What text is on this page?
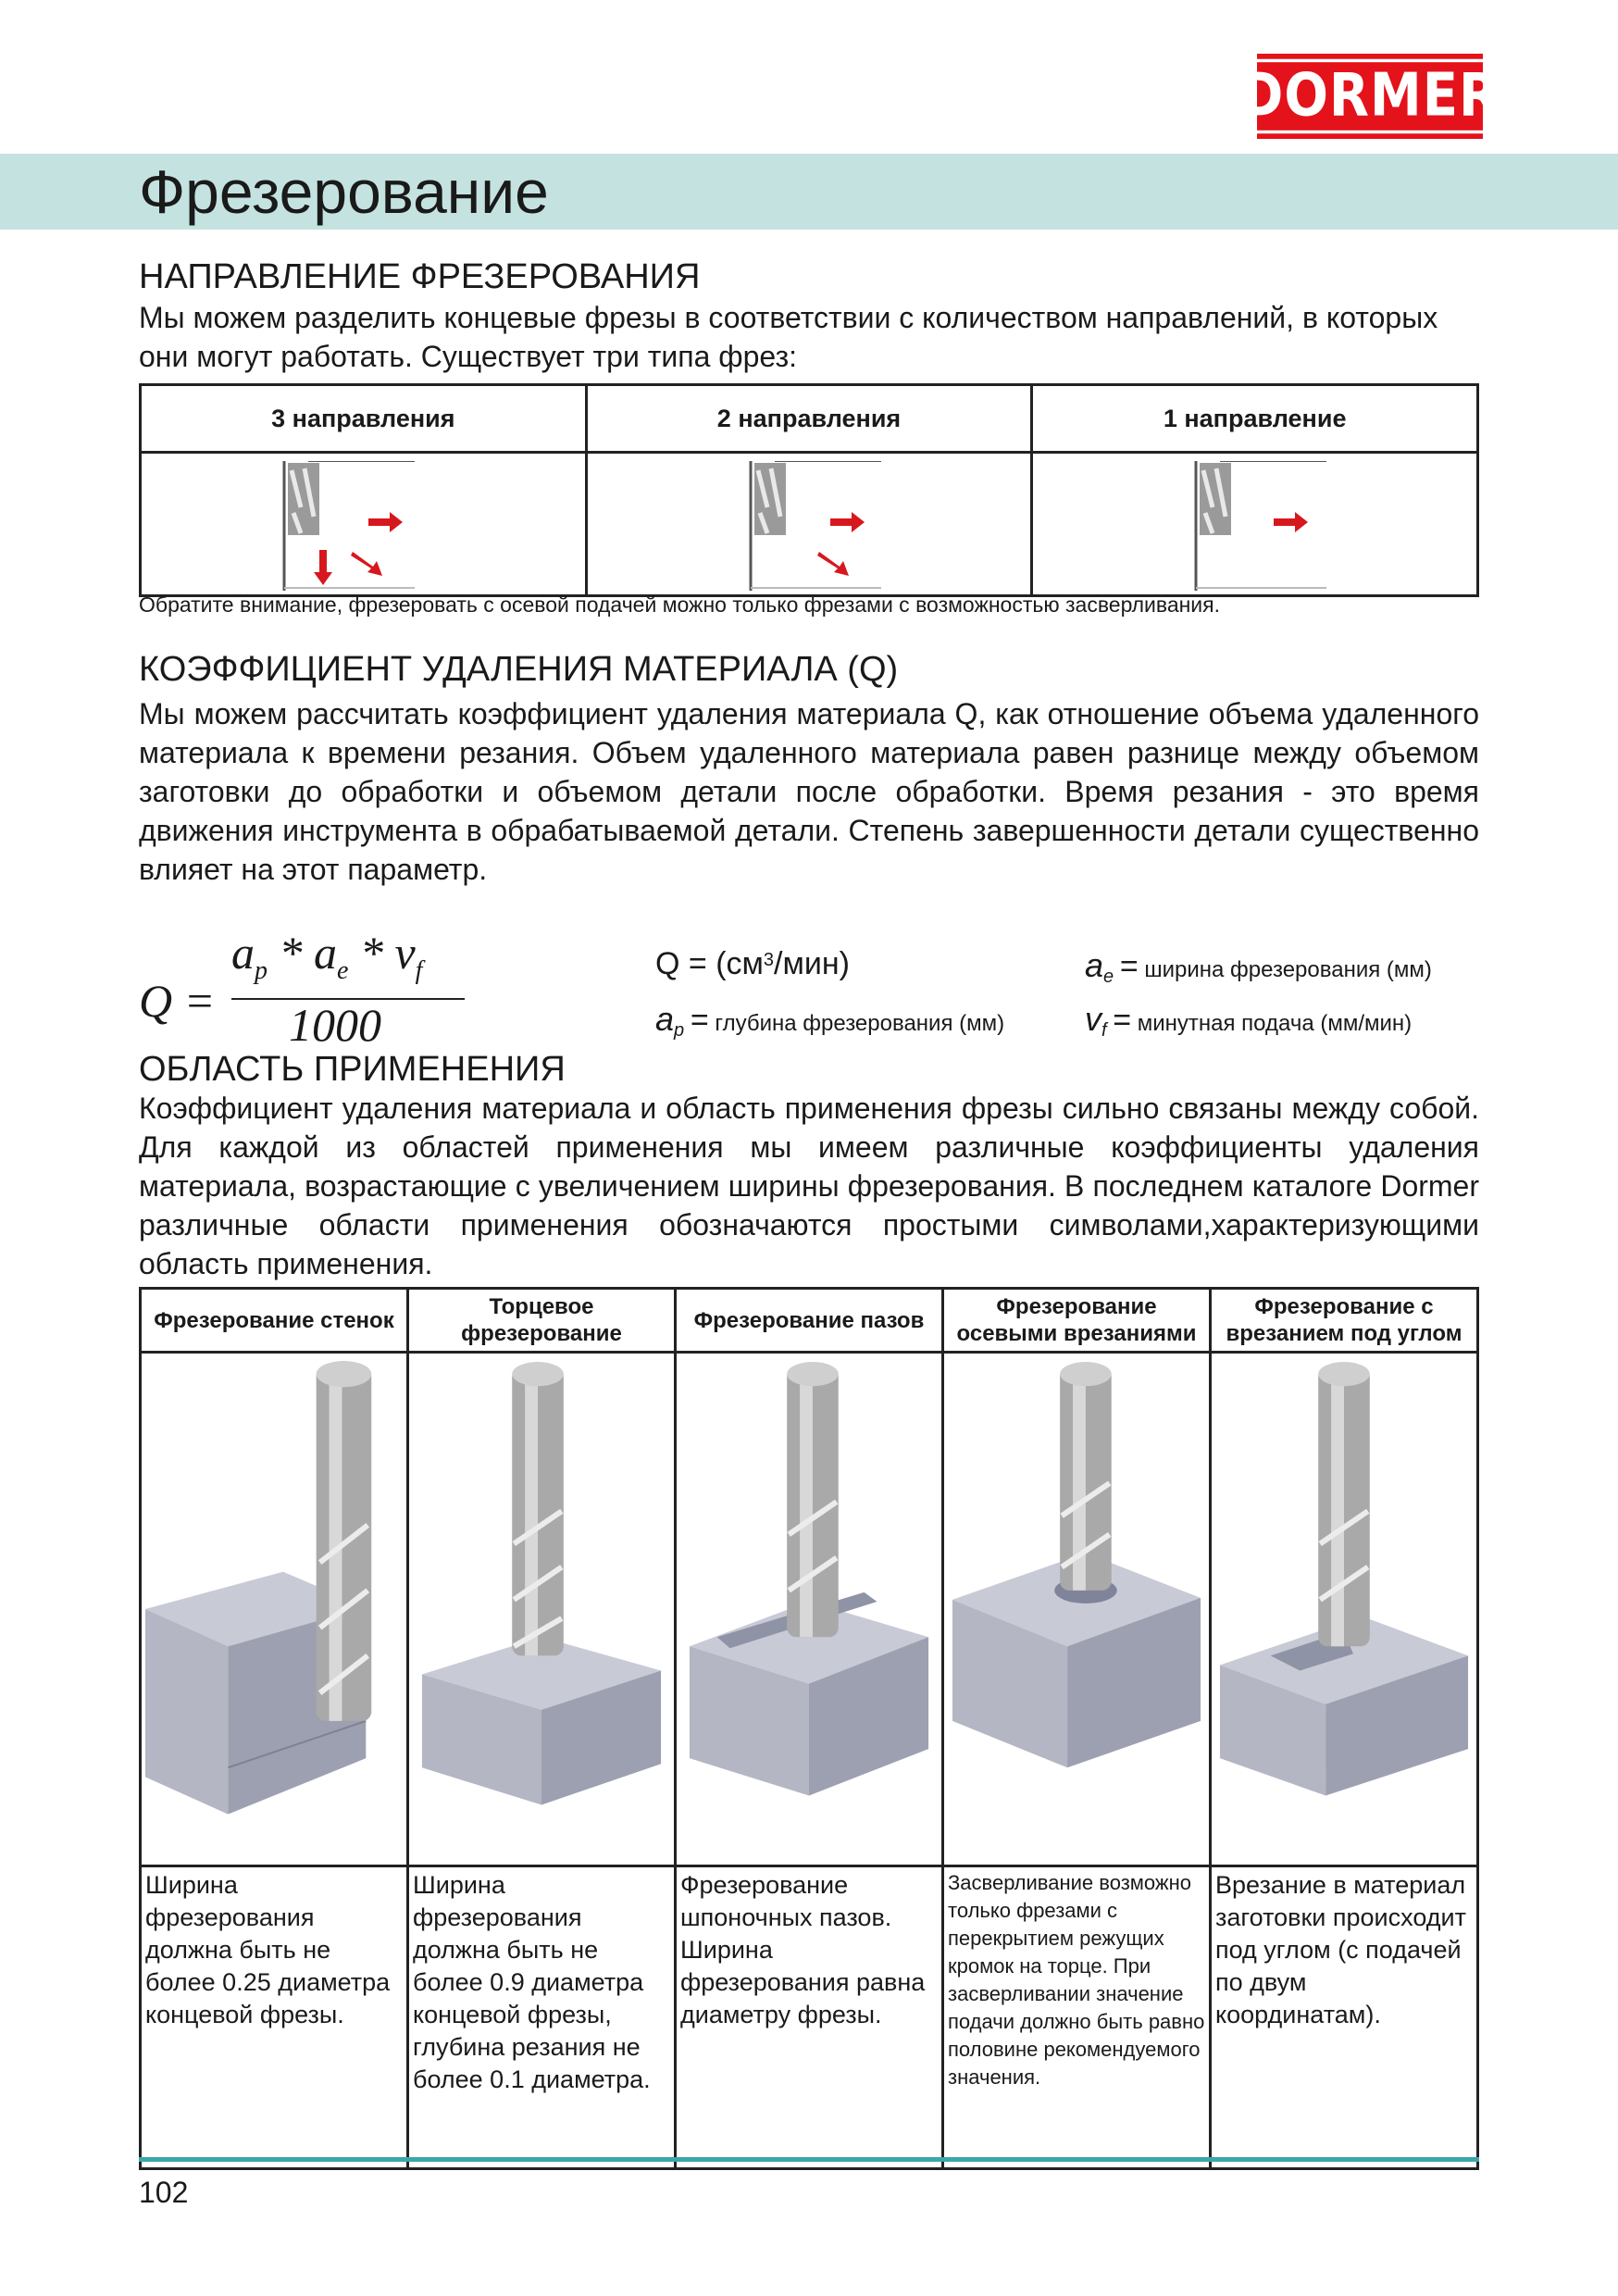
DORMER
Фрезерование
НАПРАВЛЕНИЕ ФРЕЗЕРОВАНИЯ

Мы можем разделить концевые фрезы в соответствии с количеством направлений, в которых они могут работать. Существует три типа фрез:

3 направления	2 направления	1 направление

Обратите внимание, фрезеровать с осевой подачей можно только фрезами с возможностью засверливания.

КОЭФФИЦИЕНТ УДАЛЕНИЯ МАТЕРИАЛА (Q)

Мы можем рассчитать коэффициент удаления материала Q, как отношение объема удаленного материала к времени резания. Объем удаленного материала равен разнице между объемом заготовки до обработки и объемом детали после обработки. Время резания - это время движения инструмента в обрабатываемой детали. Степень завершенности детали существенно влияет на этот параметр.

Q =
$a_p * a_e * v_f$
1000
$Q = (см^3/мин)$	$a_e$ = ширина фрезерования (мм)
$a_p$ = глубина фрезерования (мм) $v_f$ = минутная подача (мм/мин)
ОБЛАСТЬ ПРИМЕНЕНИЯ

Коэффициент удаления материала и область применения фрезы сильно связаны между собой. Для каждой из областей применения мы имеем различные коэффициенты удаления материала, возрастающие с увеличением ширины фрезерования. В последнем каталоге Dormer различные области применения обозначаются простыми символами,характеризующими область применения.

Фрезерование стенок	Торцевое фрезерование	Фрезерование пазов	Фрезерование осевыми врезаниями	Фрезерование с врезанием под углом

Ширина фрезерования должна быть не более 0.25 диаметра концевой фрезы.	Ширина фрезерования должна быть не более 0.9 диаметра концевой фрезы, глубина резания не более 0.1 диаметра.	Фрезерование шпоночных пазов. Ширина фрезерования равна диаметру фрезы.	Засверливание возможно только фрезами с перекрытием режущих кромок на торце. При засверливании значение подачи должно быть равно половине рекомендуемого значения.	Врезание в материал заготовки происходит под углом (с подачей по двум координатам).
102
